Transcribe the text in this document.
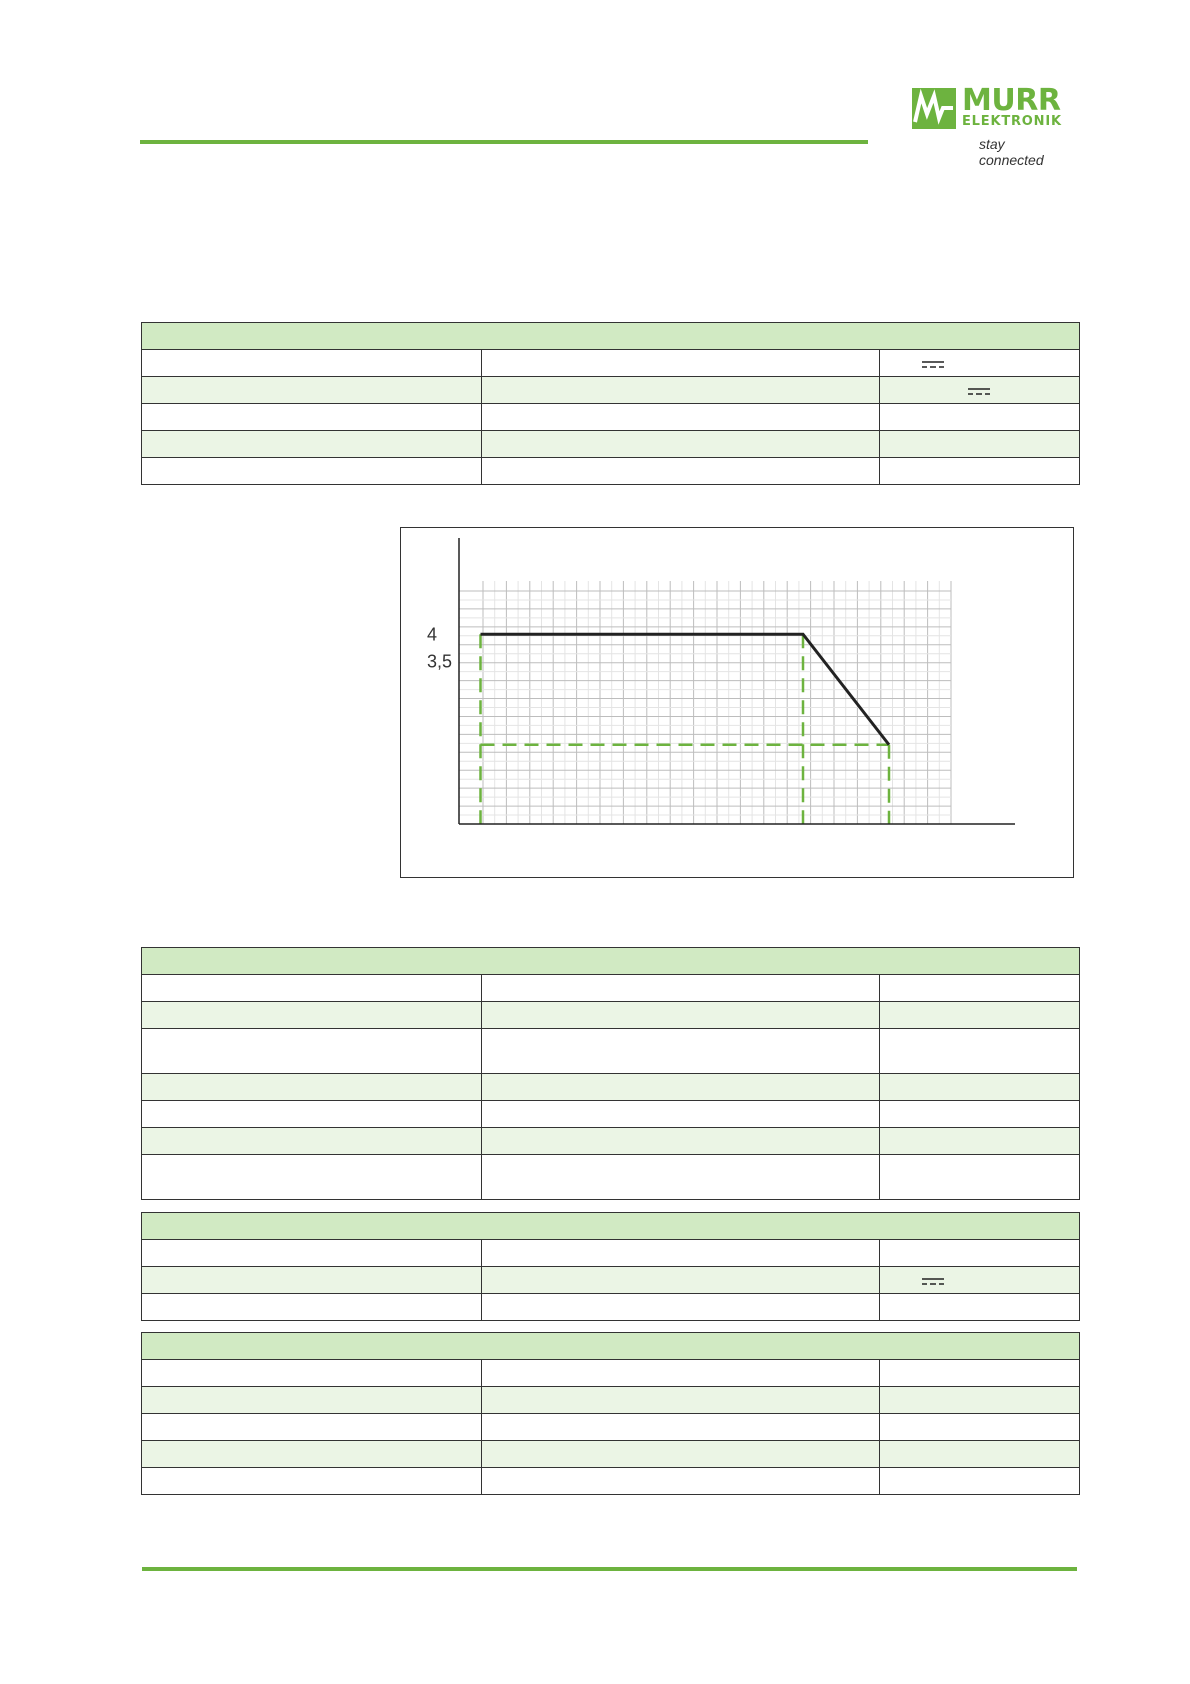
MURR
ELEKTRONIK
stay connected

4
3,5
